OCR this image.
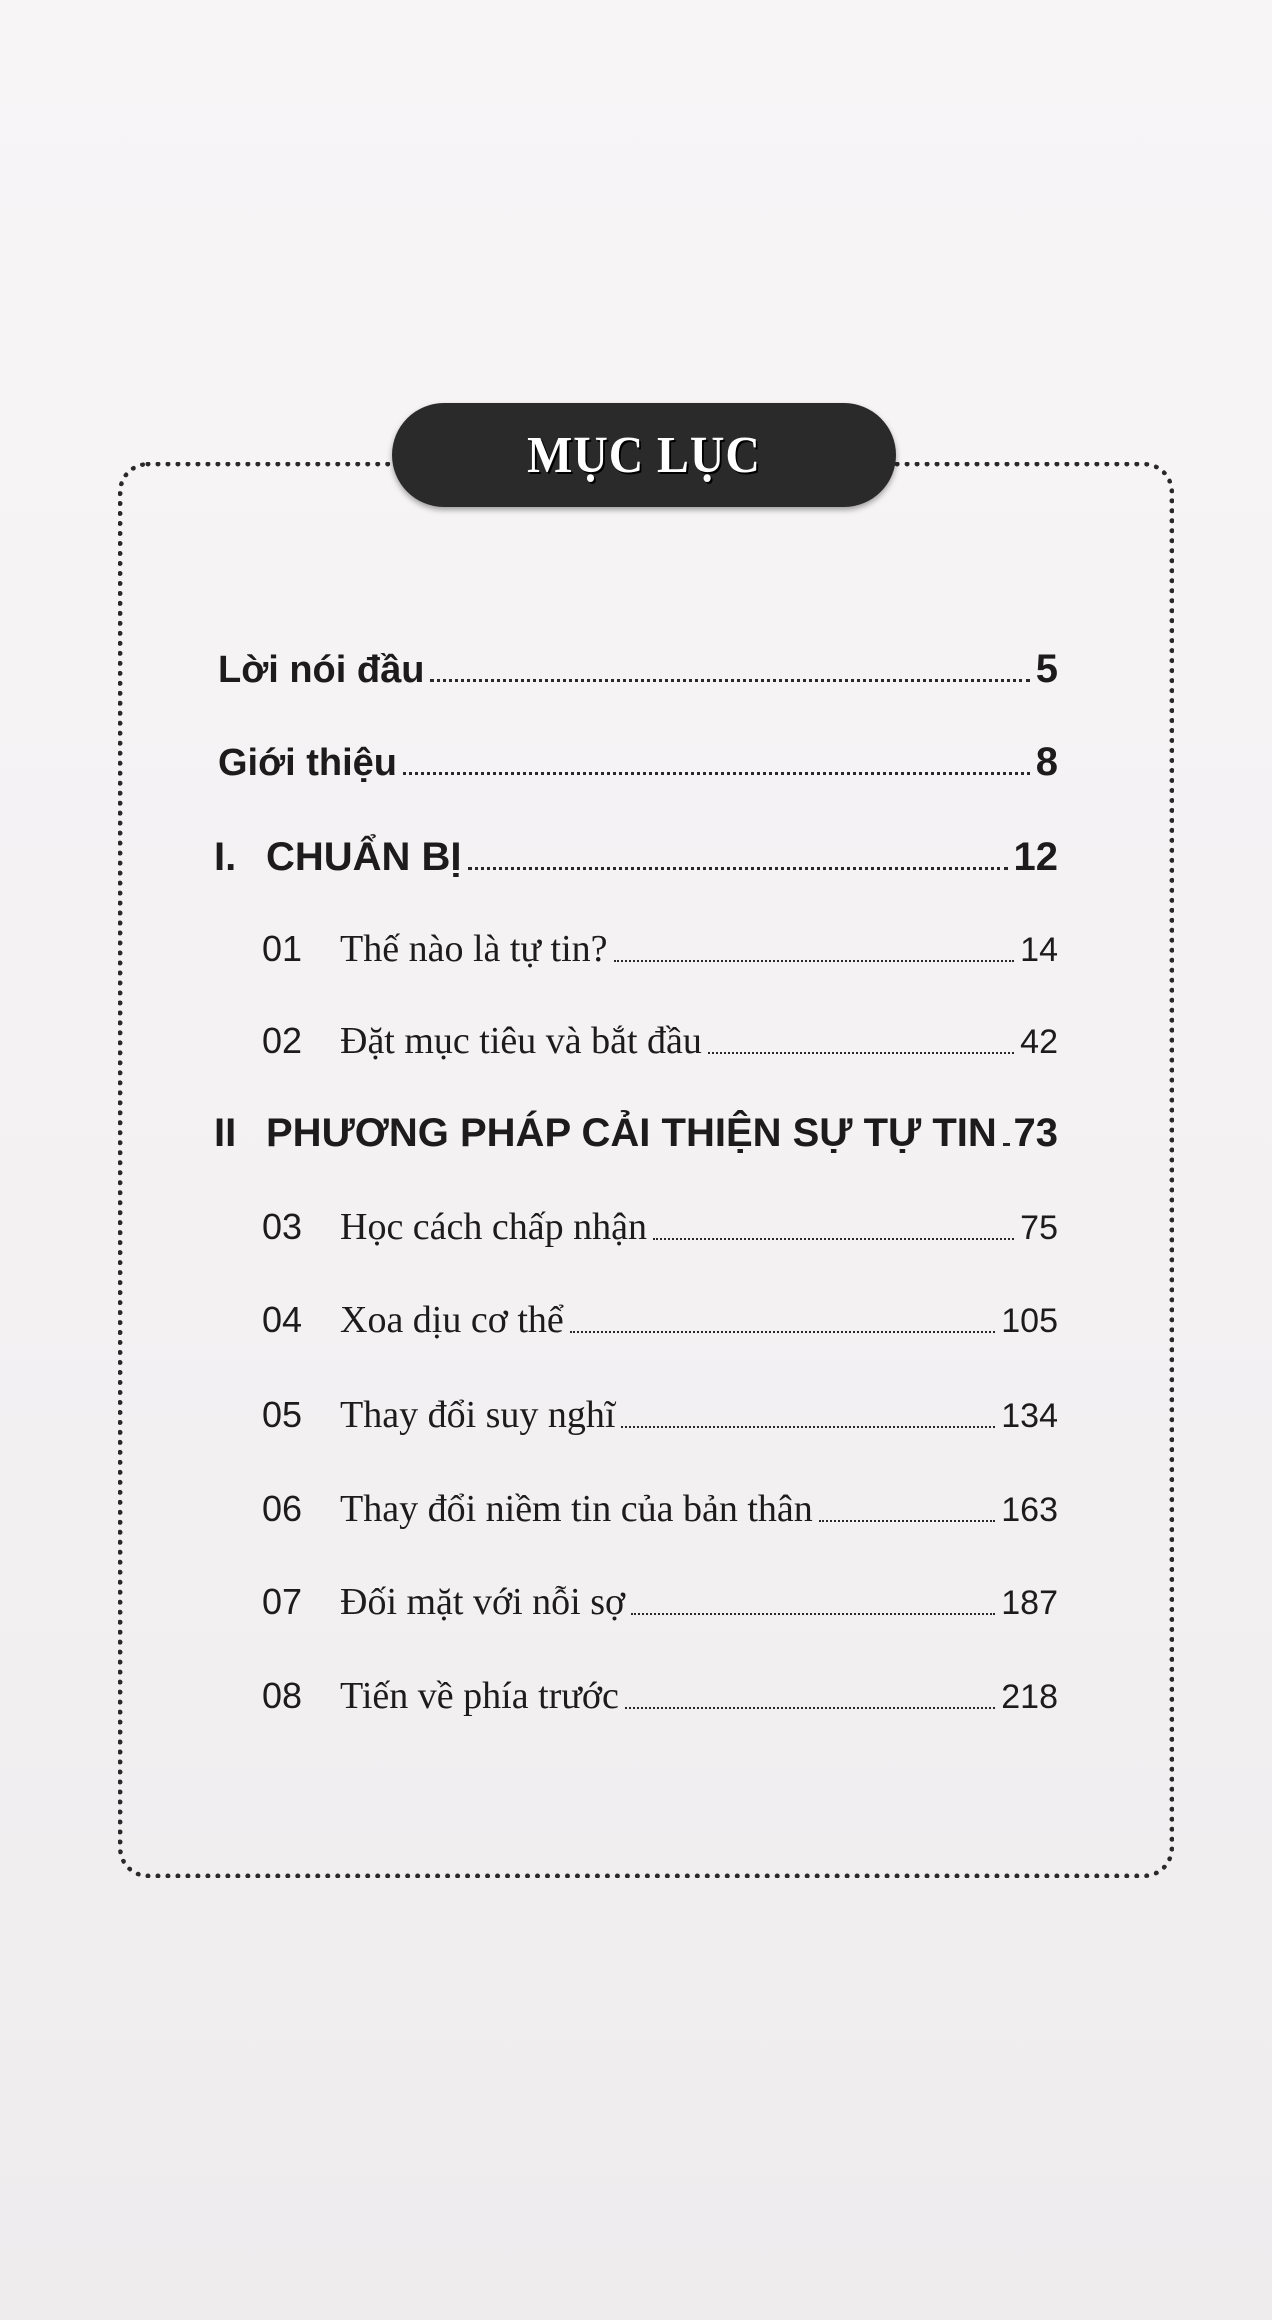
MỤC LỤC
Lời nói đầu	5
Giới thiệu	8
I. CHUẨN BỊ	12
01 Thế nào là tự tin?	14
02 Đặt mục tiêu và bắt đầu	42
II PHƯƠNG PHÁP CẢI THIỆN SỰ TỰ TIN 73
03 Học cách chấp nhận	75
04 Xoa dịu cơ thể	105
05 Thay đổi suy nghĩ	134
06 Thay đổi niềm tin của bản thân	163
07 Đối mặt với nỗi sợ	187
08 Tiến về phía trước	218
